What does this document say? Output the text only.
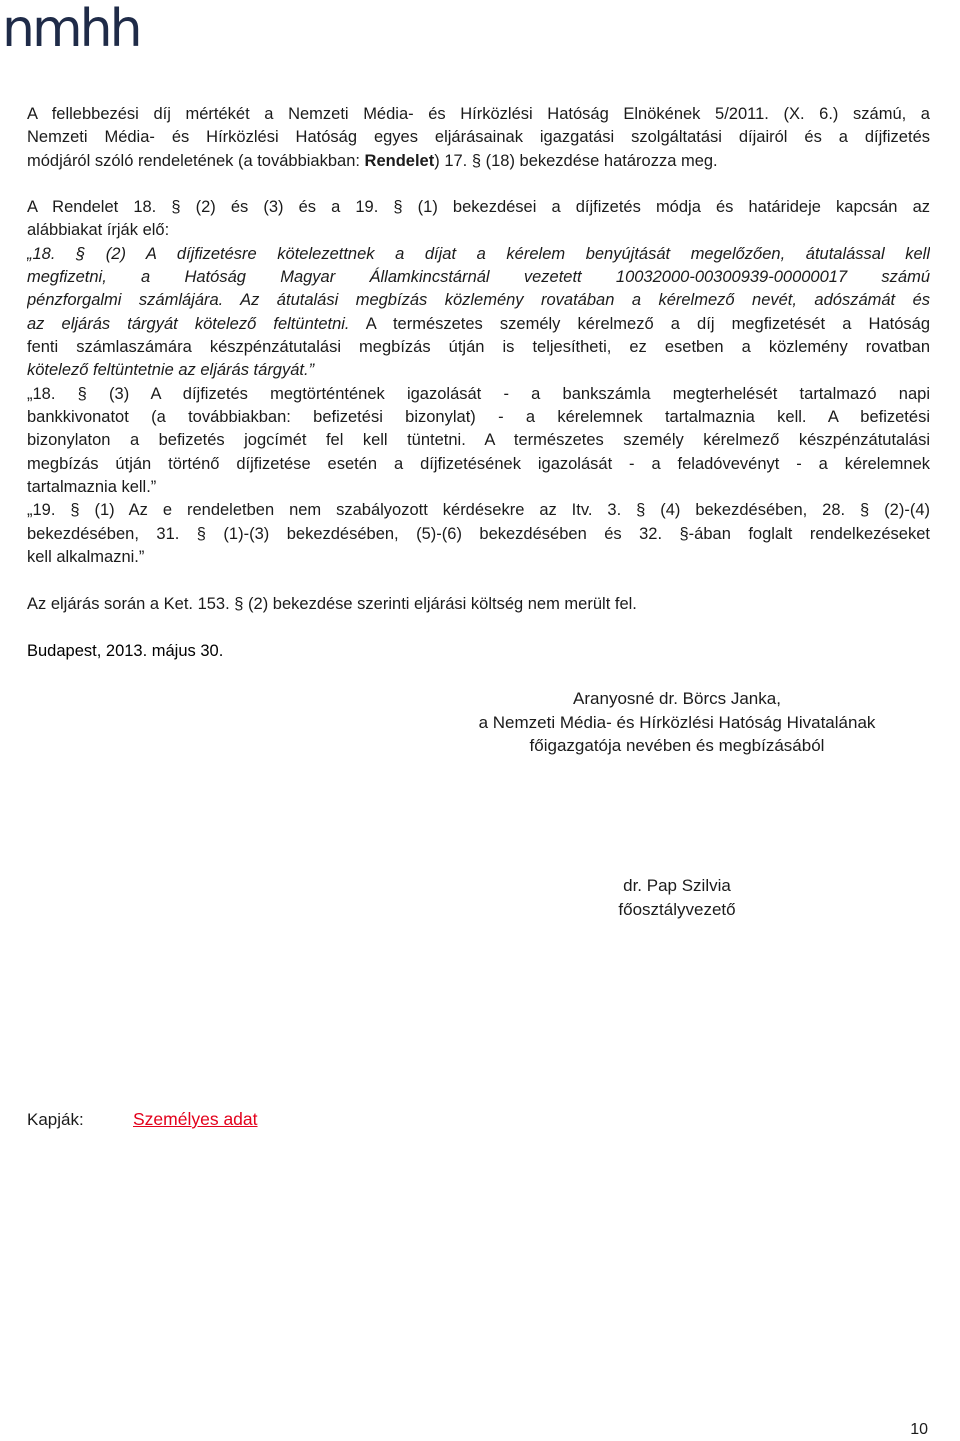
nmhh
A fellebbezési díj mértékét a Nemzeti Média- és Hírközlési Hatóság Elnökének 5/2011. (X. 6.) számú, a
Nemzeti Média- és Hírközlési Hatóság egyes eljárásainak igazgatási szolgáltatási díjairól és a díjfizetés
módjáról szóló rendeletének (a továbbiakban: Rendelet) 17. § (18) bekezdése határozza meg.
A Rendelet 18. § (2) és (3) és a 19. § (1) bekezdései a díjfizetés módja és határideje kapcsán az
alábbiakat írják elő:
„18. § (2) A díjfizetésre kötelezettnek a díjat a kérelem benyújtását megelőzően, átutalással kell
megfizetni, a Hatóság Magyar Államkincstárnál vezetett 10032000-00300939-00000017 számú
pénzforgalmi számlájára. Az átutalási megbízás közlemény rovatában a kérelmező nevét, adószámát és
az eljárás tárgyát kötelező feltüntetni. A természetes személy kérelmező a díj megfizetését a Hatóság
fenti számlaszámára készpénzátutalási megbízás útján is teljesítheti, ez esetben a közlemény rovatban
kötelező feltüntetnie az eljárás tárgyát.”
„18. § (3) A díjfizetés megtörténtének igazolását - a bankszámla megterhelését tartalmazó napi
bankkivonatot (a továbbiakban: befizetési bizonylat) - a kérelemnek tartalmaznia kell. A befizetési
bizonylaton a befizetés jogcímét fel kell tüntetni. A természetes személy kérelmező készpénzátutalási
megbízás útján történő díjfizetése esetén a díjfizetésének igazolását - a feladóvevényt - a kérelemnek
tartalmaznia kell.”
„19. § (1) Az e rendeletben nem szabályozott kérdésekre az Itv. 3. § (4) bekezdésében, 28. § (2)-(4)
bekezdésében, 31. § (1)-(3) bekezdésében, (5)-(6) bekezdésében és 32. §-ában foglalt rendelkezéseket
kell alkalmazni.”
Az eljárás során a Ket. 153. § (2) bekezdése szerinti eljárási költség nem merült fel.
Budapest, 2013. május 30.
Aranyosné dr. Börcs Janka,
a Nemzeti Média- és Hírközlési Hatóság Hivatalának
főigazgatója nevében és megbízásából
dr. Pap Szilvia
főosztályvezető
Kapják:	Személyes adat
10
